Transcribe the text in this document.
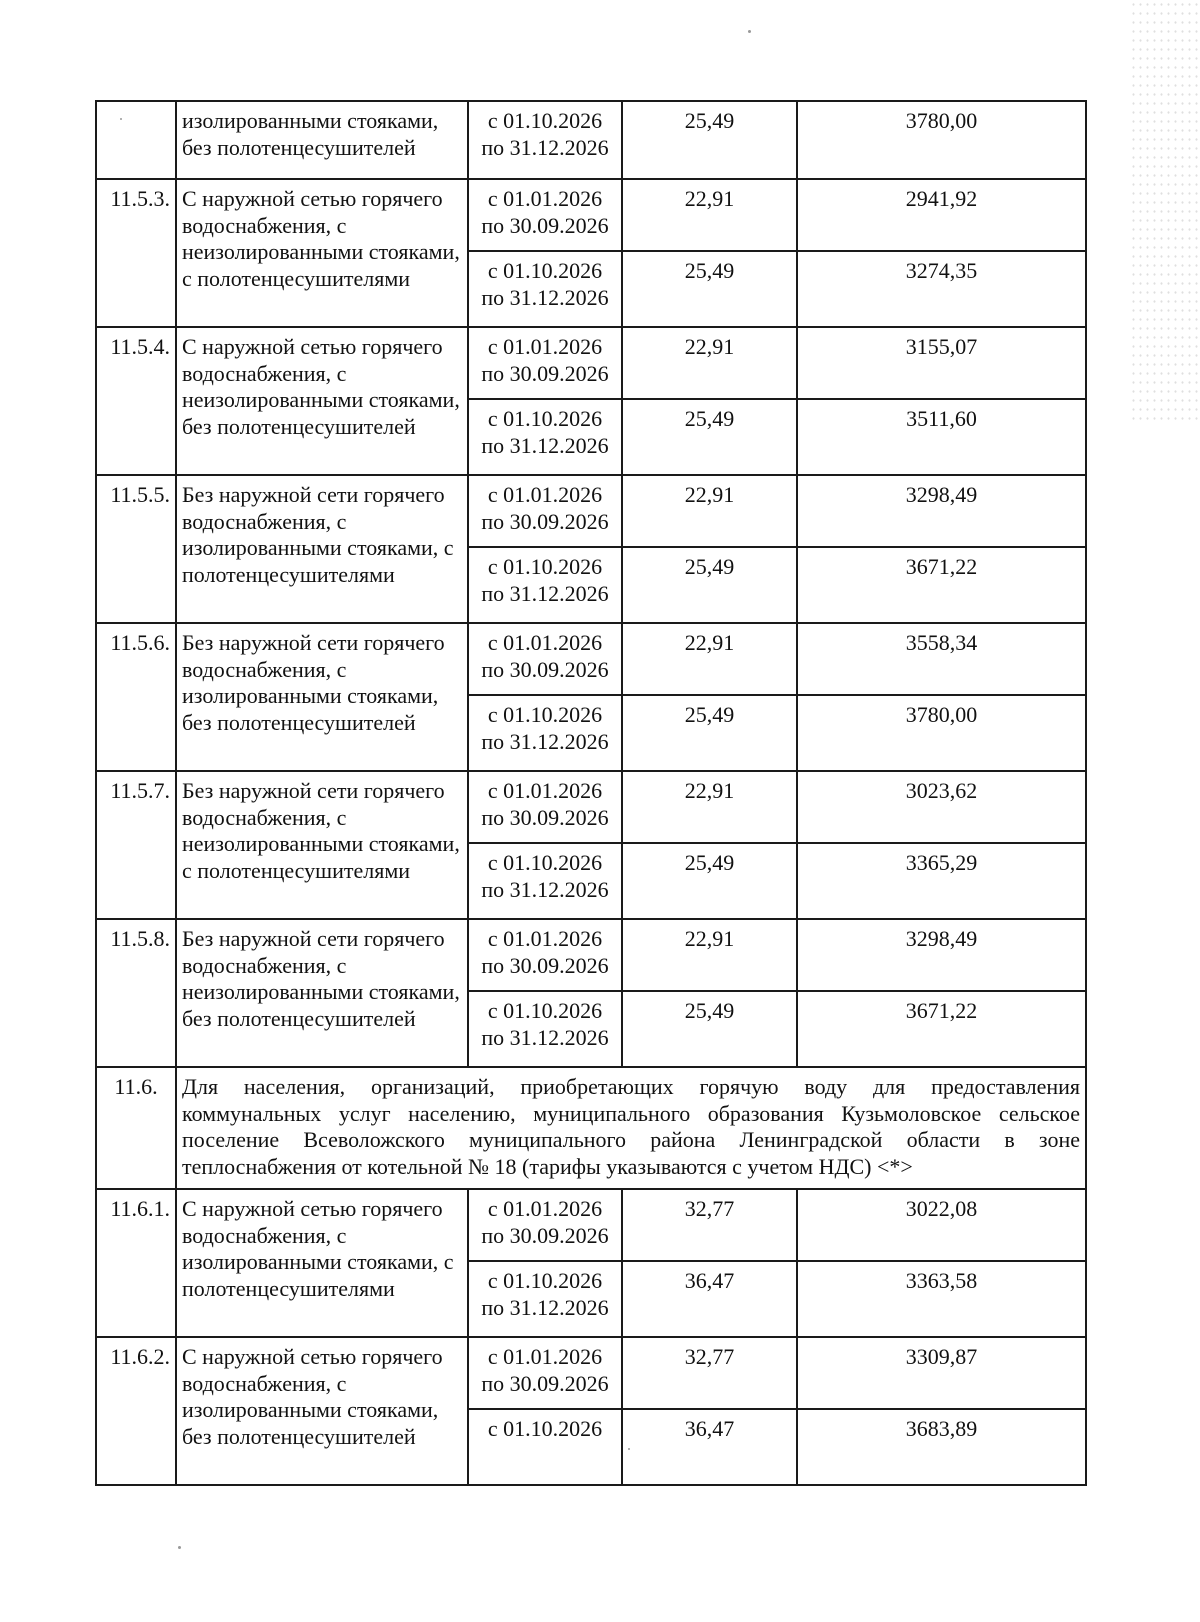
	изолированными стояками, без полотенцесушителей	с 01.10.2026 по 31.12.2026	25,49	3780,00
11.5.3.	С наружной сетью горячего водоснабжения, с неизолированными стояками, с полотенцесушителями	с 01.01.2026 по 30.09.2026	22,91	2941,92
		с 01.10.2026 по 31.12.2026	25,49	3274,35
11.5.4.	С наружной сетью горячего водоснабжения, с неизолированными стояками, без полотенцесушителей	с 01.01.2026 по 30.09.2026	22,91	3155,07
		с 01.10.2026 по 31.12.2026	25,49	3511,60
11.5.5.	Без наружной сети горячего водоснабжения, с изолированными стояками, с полотенцесушителями	с 01.01.2026 по 30.09.2026	22,91	3298,49
		с 01.10.2026 по 31.12.2026	25,49	3671,22
11.5.6.	Без наружной сети горячего водоснабжения, с изолированными стояками, без полотенцесушителей	с 01.01.2026 по 30.09.2026	22,91	3558,34
		с 01.10.2026 по 31.12.2026	25,49	3780,00
11.5.7.	Без наружной сети горячего водоснабжения, с неизолированными стояками, с полотенцесушителями	с 01.01.2026 по 30.09.2026	22,91	3023,62
		с 01.10.2026 по 31.12.2026	25,49	3365,29
11.5.8.	Без наружной сети горячего водоснабжения, с неизолированными стояками, без полотенцесушителей	с 01.01.2026 по 30.09.2026	22,91	3298,49
		с 01.10.2026 по 31.12.2026	25,49	3671,22
11.6.	Для населения, организаций, приобретающих горячую воду для предоставления коммунальных услуг населению, муниципального образования Кузьмоловское сельское поселение Всеволожского муниципального района Ленинградской области в зоне теплоснабжения от котельной № 18 (тарифы указываются с учетом НДС) <*>			
11.6.1.	С наружной сетью горячего водоснабжения, с изолированными стояками, с полотенцесушителями	с 01.01.2026 по 30.09.2026	32,77	3022,08
		с 01.10.2026 по 31.12.2026	36,47	3363,58
11.6.2.	С наружной сетью горячего водоснабжения, с изолированными стояками, без полотенцесушителей	с 01.01.2026 по 30.09.2026	32,77	3309,87
		с 01.10.2026	36,47	3683,89
